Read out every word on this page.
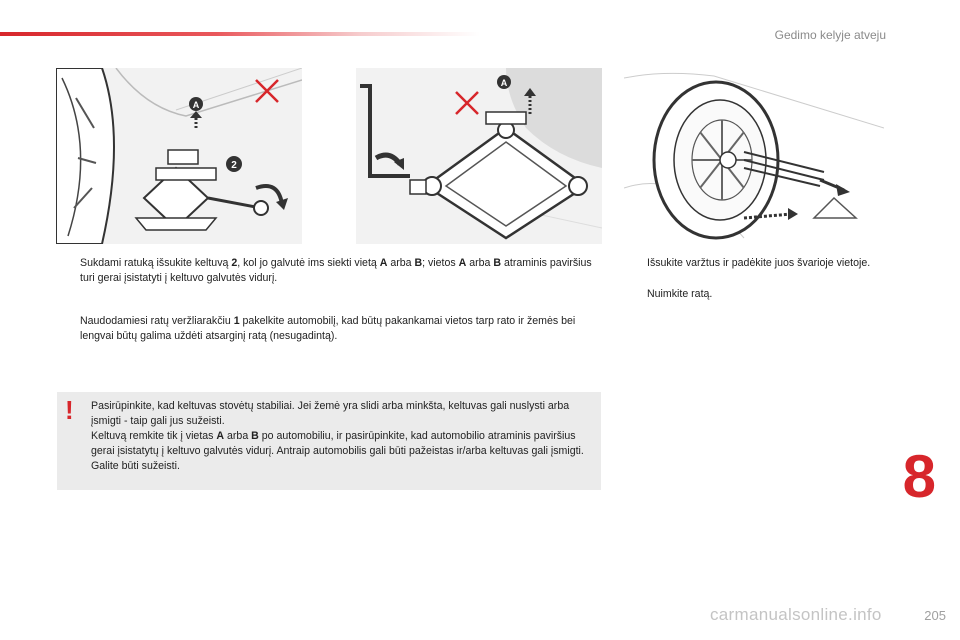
Gedimo kelyje atveju
A
2
A
Sukdami ratuką išsukite keltuvą 2, kol jo galvutė ims siekti vietą A arba B; vietos A arba B atraminis paviršius turi gerai įsistatyti į keltuvo galvutės vidurį.
Naudodamiesi ratų veržliarakčiu 1 pakelkite automobilį, kad būtų pakankamai vietos tarp rato ir žemės bei lengvai būtų galima uždėti atsarginį ratą (nesugadintą).
Išsukite varžtus ir padėkite juos švarioje vietoje.
Nuimkite ratą.
! Pasirūpinkite, kad keltuvas stovėtų stabiliai. Jei žemė yra slidi arba minkšta, keltuvas gali nuslysti arba įsmigti - taip gali jus sužeisti.
Keltuvą remkite tik į vietas A arba B po automobiliu, ir pasirūpinkite, kad automobilio atraminis paviršius gerai įsistatytų į keltuvo galvutės vidurį. Antraip automobilis gali būti pažeistas ir/arba keltuvas gali įsmigti. Galite būti sužeisti.	8
carmanualsonline.info	205
